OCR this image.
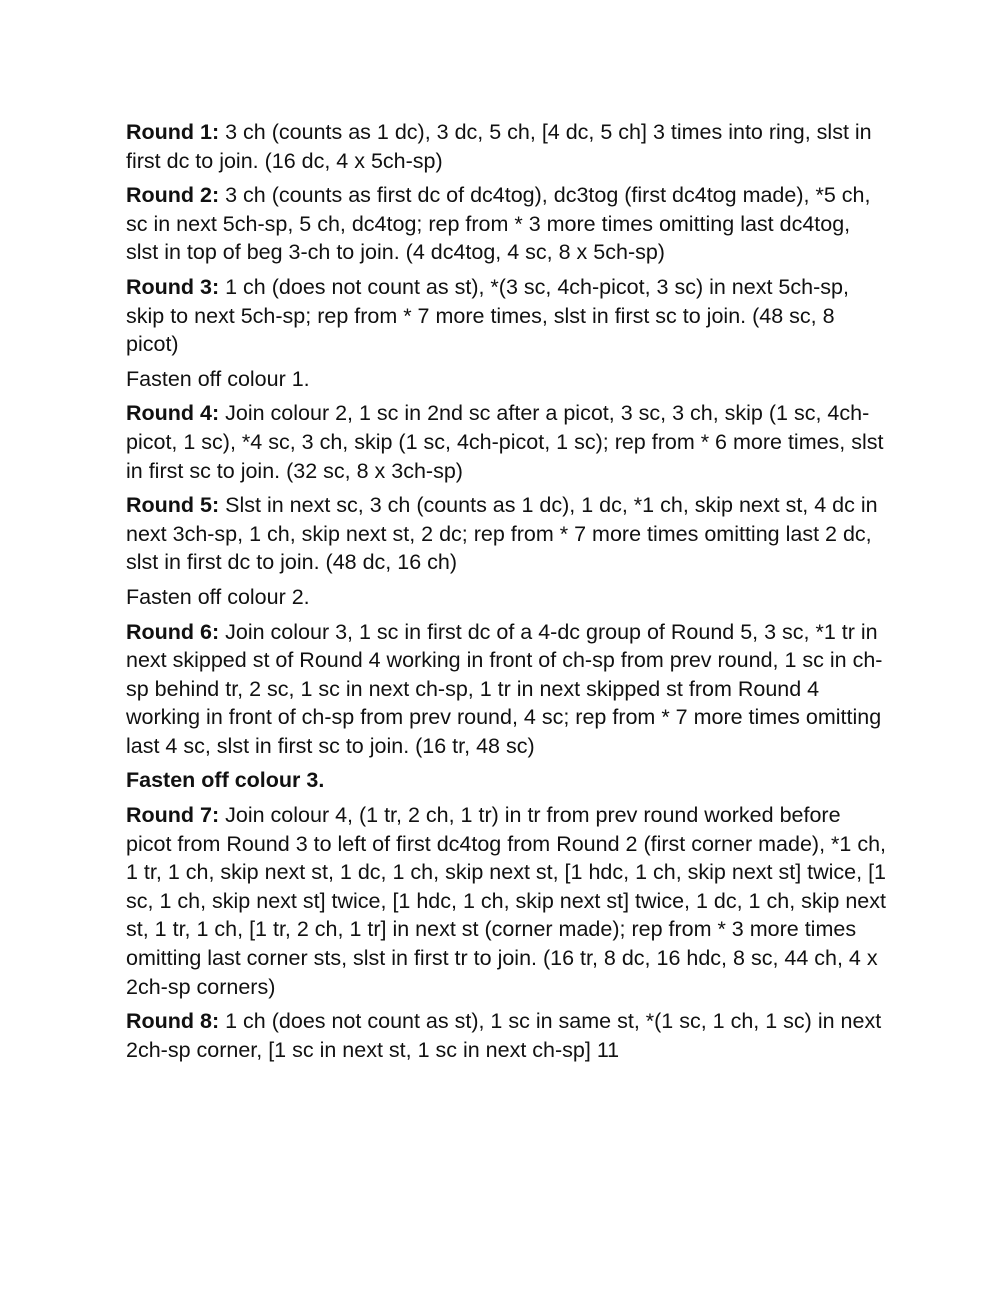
Round 1: 3 ch (counts as 1 dc), 3 dc, 5 ch, [4 dc, 5 ch] 3 times into ring, slst in first dc to join. (16 dc, 4 x 5ch-sp)

Round 2: 3 ch (counts as first dc of dc4tog), dc3tog (first dc4tog made), *5 ch, sc in next 5ch-sp, 5 ch, dc4tog; rep from * 3 more times omitting last dc4tog, slst in top of beg 3-ch to join. (4 dc4tog, 4 sc, 8 x 5ch-sp)

Round 3: 1 ch (does not count as st), *(3 sc, 4ch-picot, 3 sc) in next 5ch-sp, skip to next 5ch-sp; rep from * 7 more times, slst in first sc to join. (48 sc, 8 picot)

Fasten off colour 1.

Round 4: Join colour 2, 1 sc in 2nd sc after a picot, 3 sc, 3 ch, skip (1 sc, 4ch-picot, 1 sc), *4 sc, 3 ch, skip (1 sc, 4ch-picot, 1 sc); rep from * 6 more times, slst in first sc to join. (32 sc, 8 x 3ch-sp)

Round 5: Slst in next sc, 3 ch (counts as 1 dc), 1 dc, *1 ch, skip next st, 4 dc in next 3ch-sp, 1 ch, skip next st, 2 dc; rep from * 7 more times omitting last 2 dc, slst in first dc to join. (48 dc, 16 ch)

Fasten off colour 2.

Round 6: Join colour 3, 1 sc in first dc of a 4-dc group of Round 5, 3 sc, *1 tr in next skipped st of Round 4 working in front of ch-sp from prev round, 1 sc in ch-sp behind tr, 2 sc, 1 sc in next ch-sp, 1 tr in next skipped st from Round 4 working in front of ch-sp from prev round, 4 sc; rep from * 7 more times omitting last 4 sc, slst in first sc to join. (16 tr, 48 sc)

Fasten off colour 3.

Round 7: Join colour 4, (1 tr, 2 ch, 1 tr) in tr from prev round worked before picot from Round 3 to left of first dc4tog from Round 2 (first corner made), *1 ch, 1 tr, 1 ch, skip next st, 1 dc, 1 ch, skip next st, [1 hdc, 1 ch, skip next st] twice, [1 sc, 1 ch, skip next st] twice, [1 hdc, 1 ch, skip next st] twice, 1 dc, 1 ch, skip next st, 1 tr, 1 ch, [1 tr, 2 ch, 1 tr] in next st (corner made); rep from * 3 more times omitting last corner sts, slst in first tr to join. (16 tr, 8 dc, 16 hdc, 8 sc, 44 ch, 4 x 2ch-sp corners)

Round 8: 1 ch (does not count as st), 1 sc in same st, *(1 sc, 1 ch, 1 sc) in next 2ch-sp corner, [1 sc in next st, 1 sc in next ch-sp] 11
